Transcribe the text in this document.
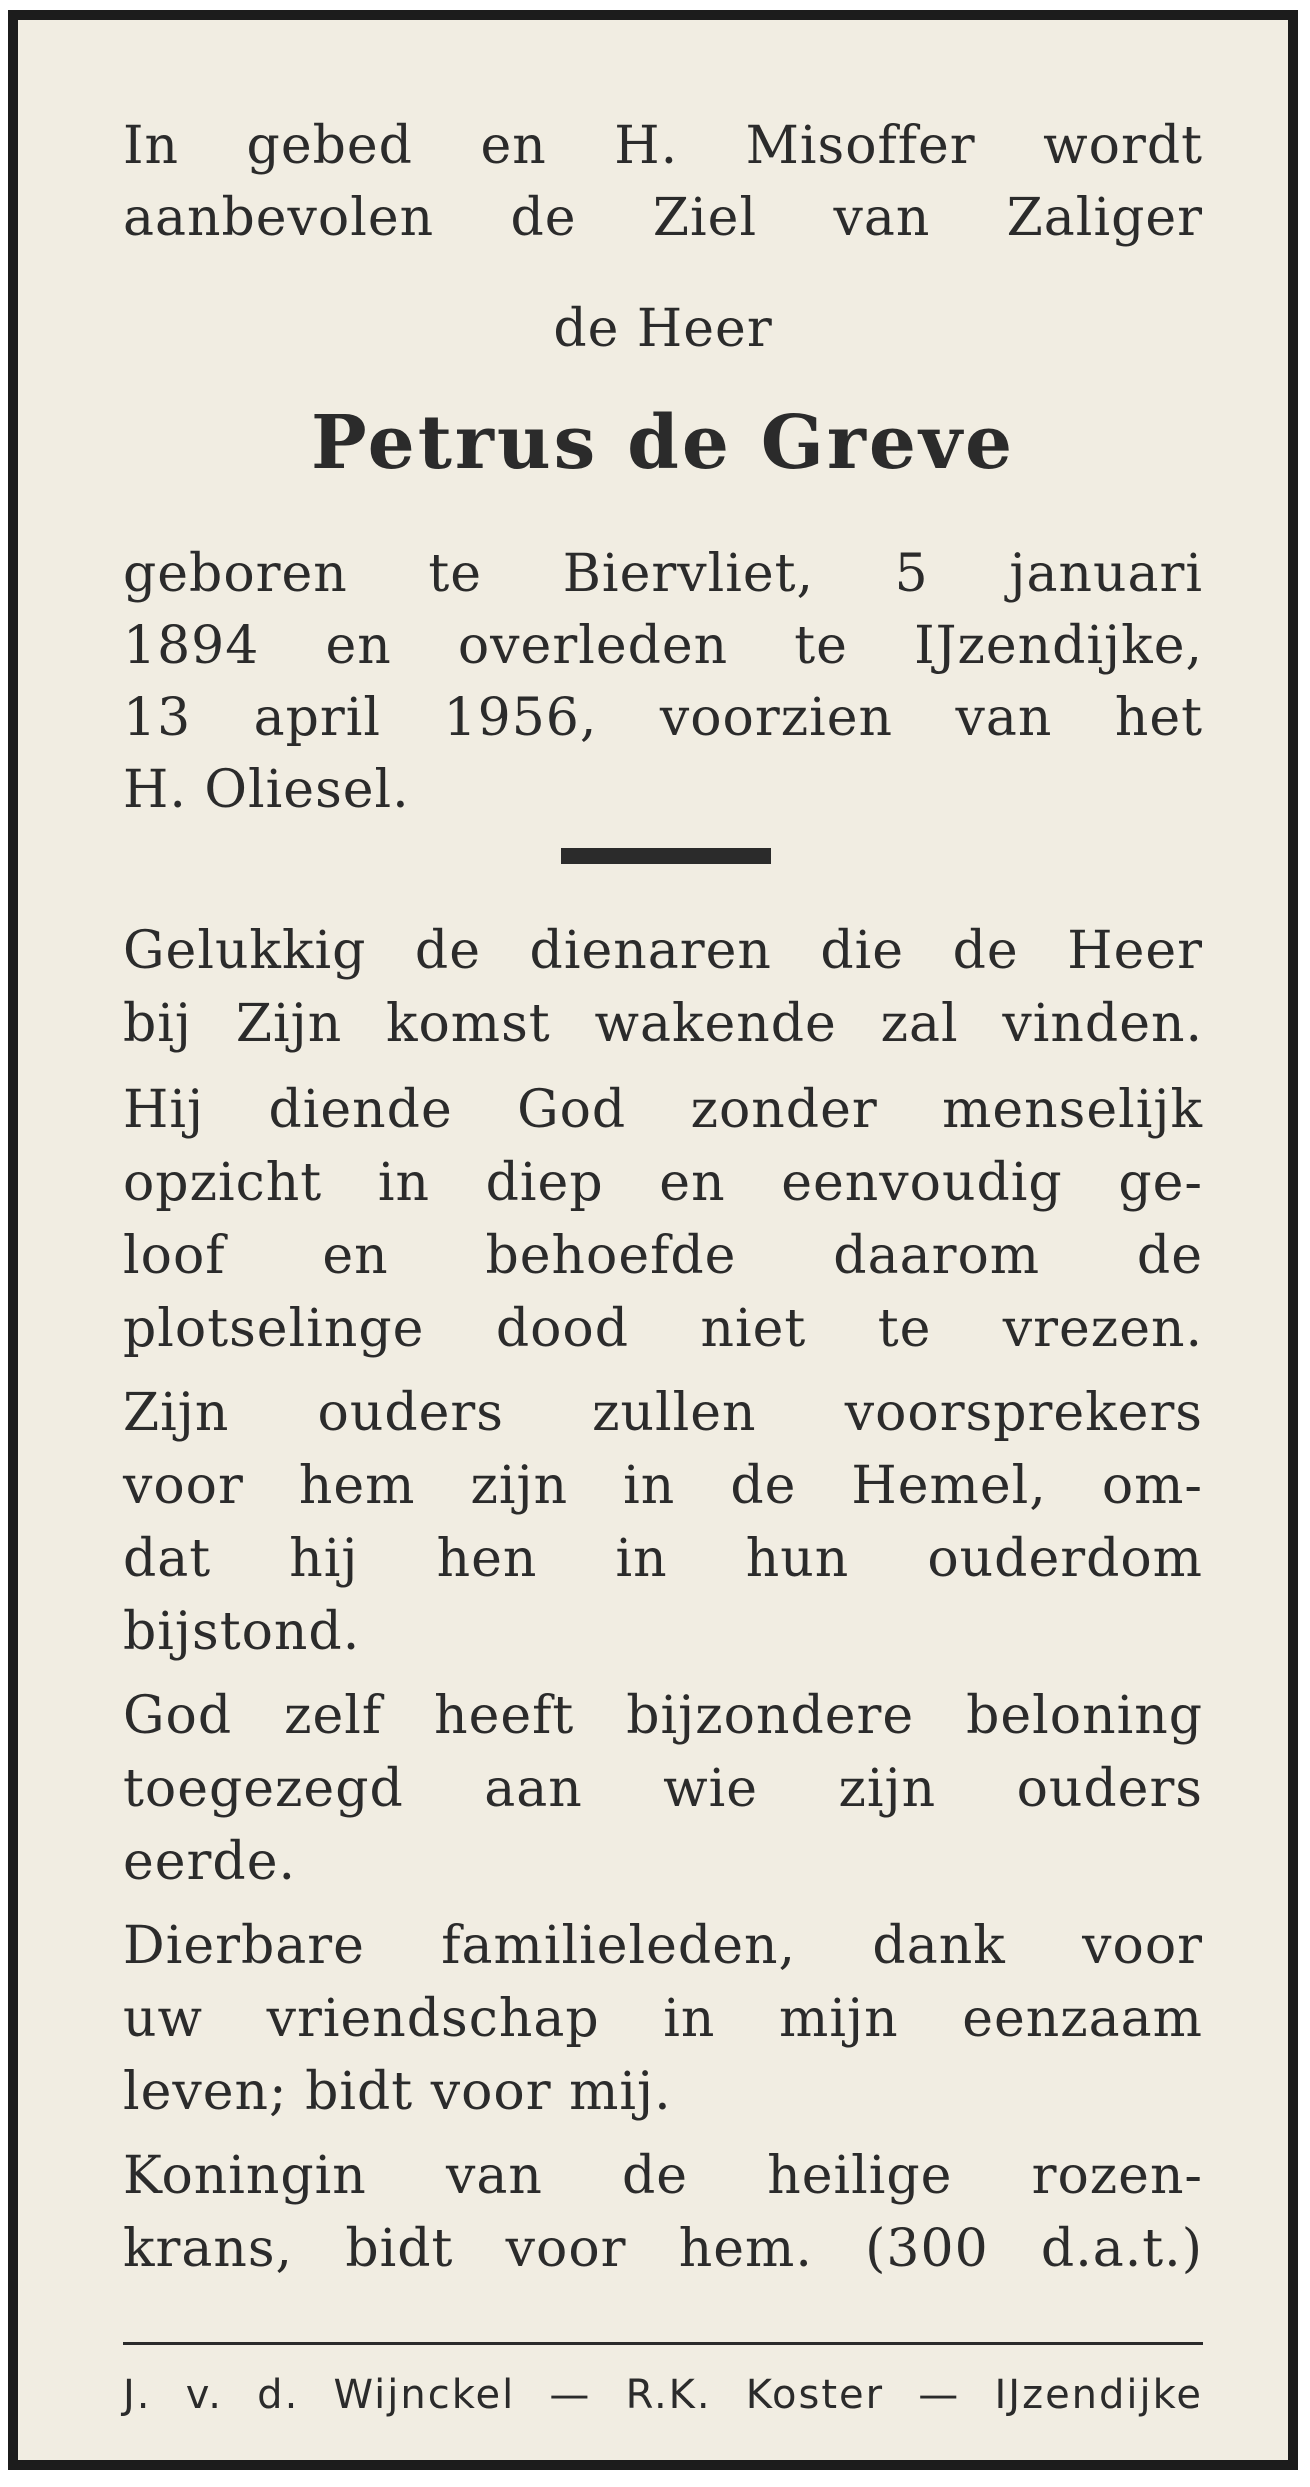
In gebed en H. Misoffer wordt
aanbevolen de Ziel van Zaliger
de Heer
Petrus de Greve
geboren te Biervliet, 5 januari
1894 en overleden te IJzendijke,
13 april 1956, voorzien van het
H. Oliesel.
Gelukkig de dienaren die de Heer
bij Zijn komst wakende zal vinden.
Hij diende God zonder menselijk
opzicht in diep en eenvoudig ge-
loof en behoefde daarom de
plotselinge dood niet te vrezen.
Zijn ouders zullen voorsprekers
voor hem zijn in de Hemel, om-
dat hij hen in hun ouderdom
bijstond.
God zelf heeft bijzondere beloning
toegezegd aan wie zijn ouders
eerde.
Dierbare familieleden, dank voor
uw vriendschap in mijn eenzaam
leven; bidt voor mij.
Koningin van de heilige rozen-
krans, bidt voor hem. (300 d.a.t.)
J. v. d. Wijnckel — R.K. Koster — IJzendijke
